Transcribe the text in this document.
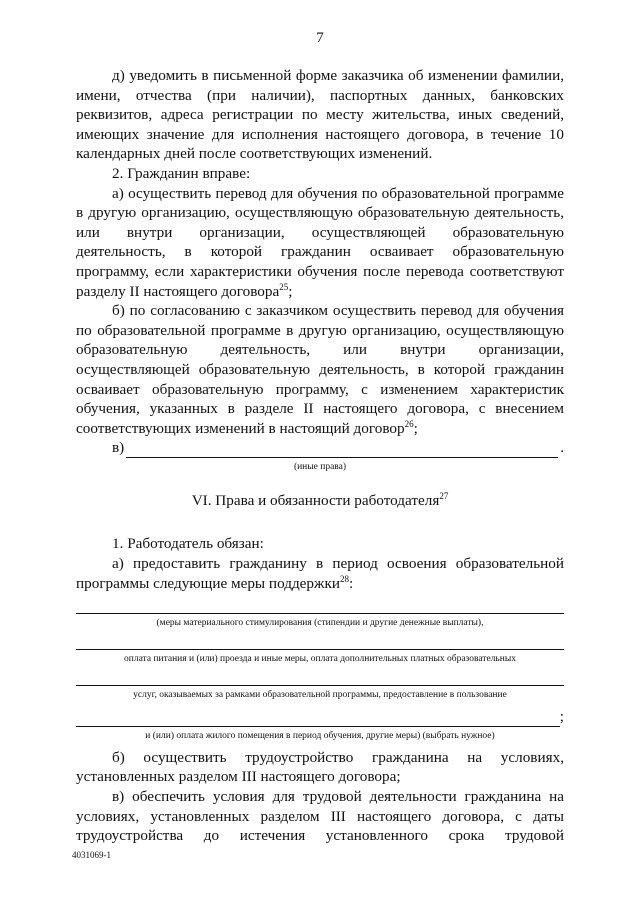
7

д) уведомить в письменной форме заказчика об изменении фамилии, имени, отчества (при наличии), паспортных данных, банковских реквизитов, адреса регистрации по месту жительства, иных сведений, имеющих значение для исполнения настоящего договора, в течение 10 календарных дней после соответствующих изменений.

2. Гражданин вправе:

а) осуществить перевод для обучения по образовательной программе в другую организацию, осуществляющую образовательную деятельность, или внутри организации, осуществляющей образовательную деятельность, в которой гражданин осваивает образовательную программу, если характеристики обучения после перевода соответствуют разделу II настоящего договора$^{25}$;

б) по согласованию с заказчиком осуществить перевод для обучения по образовательной программе в другую организацию, осуществляющую образовательную деятельность, или внутри организации, осуществляющей образовательную деятельность, в которой гражданин осваивает образовательную программу, с изменением характеристик обучения, указанных в разделе II настоящего договора, с внесением соответствующих изменений в настоящий договор$^{26}$;

в)	.
(иные права)
VI. Права и обязанности работодателя$^{27}$

1. Работодатель обязан:

а) предоставить гражданину в период освоения образовательной программы следующие меры поддержки$^{28}$:

(меры материального стимулирования (стипендии и другие денежные выплаты),
оплата питания и (или) проезда и иные меры, оплата дополнительных платных образовательных
услуг, оказываемых за рамками образовательной программы, предоставление в пользование
;
и (или) оплата жилого помещения в период обучения, другие меры) (выбрать нужное)

б) осуществить трудоустройство гражданина на условиях, установленных разделом III настоящего договора;

в) обеспечить условия для трудовой деятельности гражданина на условиях, установленных разделом III настоящего договора, с даты трудоустройства до истечения установленного срока трудовой

4031069-1
